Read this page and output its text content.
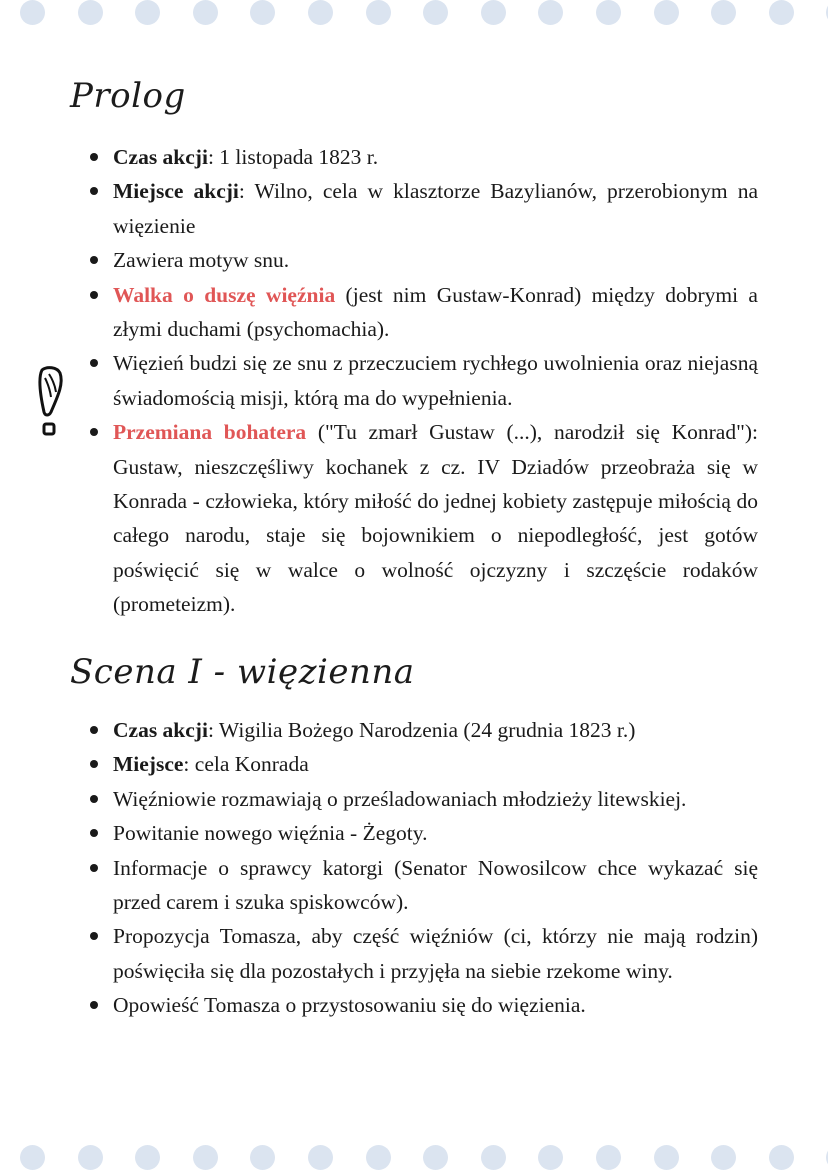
Prolog
Czas akcji: 1 listopada 1823 r.
Miejsce akcji: Wilno, cela w klasztorze Bazylianów, przerobionym na więzienie
Zawiera motyw snu.
Walka o duszę więźnia (jest nim Gustaw-Konrad) między dobrymi a złymi duchami (psychomachia).
Więzień budzi się ze snu z przeczuciem rychłego uwolnienia oraz niejasną świadomością misji, którą ma do wypełnienia.
Przemiana bohatera ("Tu zmarł Gustaw (...), narodził się Konrad"): Gustaw, nieszczęśliwy kochanek z cz. IV Dziadów przeobraża się w Konrada - człowieka, który miłość do jednej kobiety zastępuje miłością do całego narodu, staje się bojownikiem o niepodległość, jest gotów poświęcić się w walce o wolność ojczyzny i szczęście rodaków (prometeizm).
Scena I - więzienna
Czas akcji: Wigilia Bożego Narodzenia (24 grudnia 1823 r.)
Miejsce: cela Konrada
Więźniowie rozmawiają o prześladowaniach młodzieży litewskiej.
Powitanie nowego więźnia - Żegoty.
Informacje o sprawcy katorgi (Senator Nowosilcow chce wykazać się przed carem i szuka spiskowców).
Propozycja Tomasza, aby część więźniów (ci, którzy nie mają rodzin) poświęciła się dla pozostałych i przyjęła na siebie rzekome winy.
Opowieść Tomasza o przystosowaniu się do więzienia.
